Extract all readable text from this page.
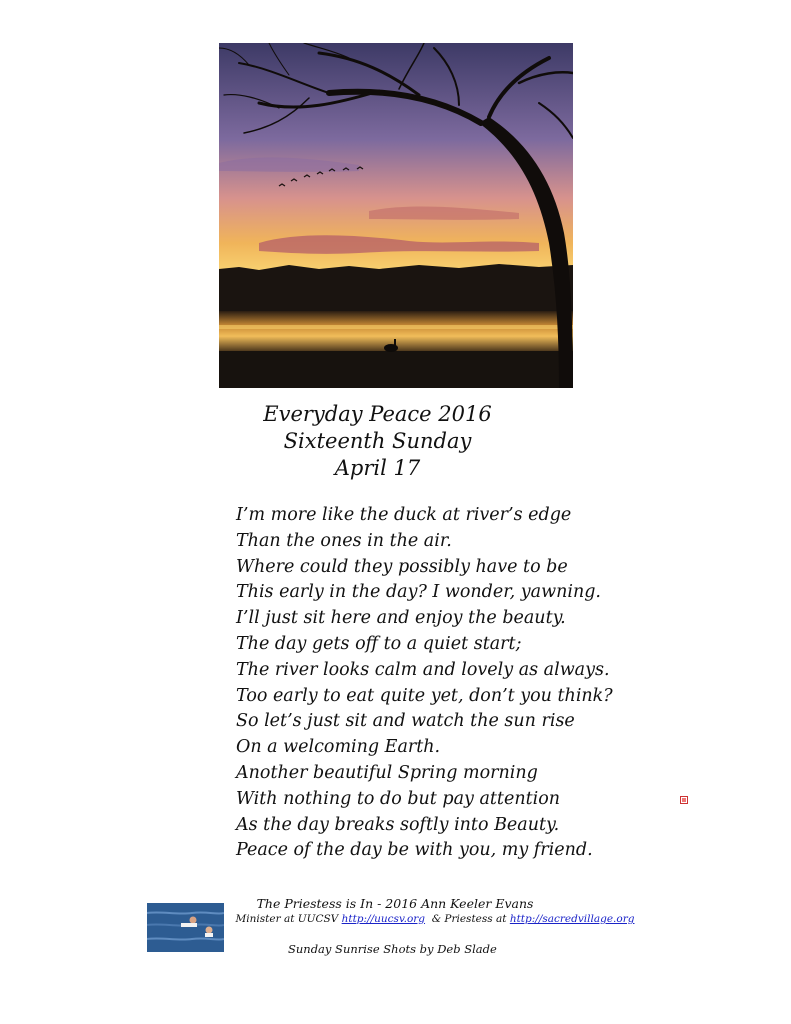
Everyday Peace 2016
Sixteenth Sunday
April 17
I’m more like the duck at river’s edge
Than the ones in the air.
Where could they possibly have to be
This early in the day? I wonder, yawning.
I’ll just sit here and enjoy the beauty.
The day gets off to a quiet start;
The river looks calm and lovely as always.
Too early to eat quite yet, don’t you think?
So let’s just sit and watch the sun rise
On a welcoming Earth.
Another beautiful Spring morning
With nothing to do but pay attention
As the day breaks softly into Beauty.
Peace of the day be with you, my friend.
The Priestess is In - 2016 Ann Keeler Evans
Minister at UUCSV http://uucsv.org & Priestess at http://sacredvillage.org
Sunday Sunrise Shots by Deb Slade
